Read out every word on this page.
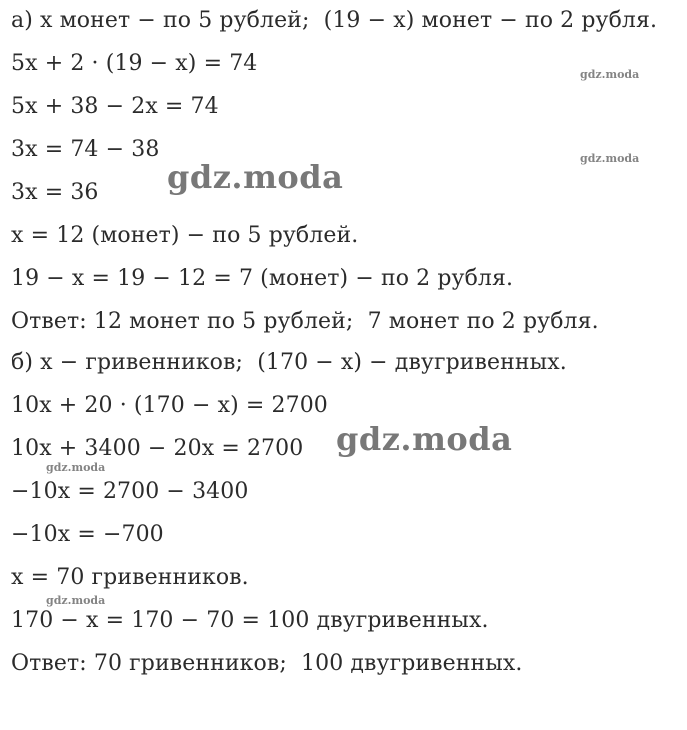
а) x монет − по 5 рублей;  (19 − x) монет − по 2 рубля.
5x + 2 · (19 − x) = 74
5x + 38 − 2x = 74
3x = 74 − 38
3x = 36
x = 12 (монет) − по 5 рублей.
19 − x = 19 − 12 = 7 (монет) − по 2 рубля.
Ответ: 12 монет по 5 рублей;  7 монет по 2 рубля.
б) x − гривенников;  (170 − x) − двугривенных.
10x + 20 · (170 − x) = 2700
10x + 3400 − 20x = 2700
−10x = 2700 − 3400
−10x = −700
x = 70 гривенников.
170 − x = 170 − 70 = 100 двугривенных.
Ответ: 70 гривенников;  100 двугривенных.
gdz.moda
gdz.moda
gdz.moda
gdz.moda
gdz.moda
gdz.moda
